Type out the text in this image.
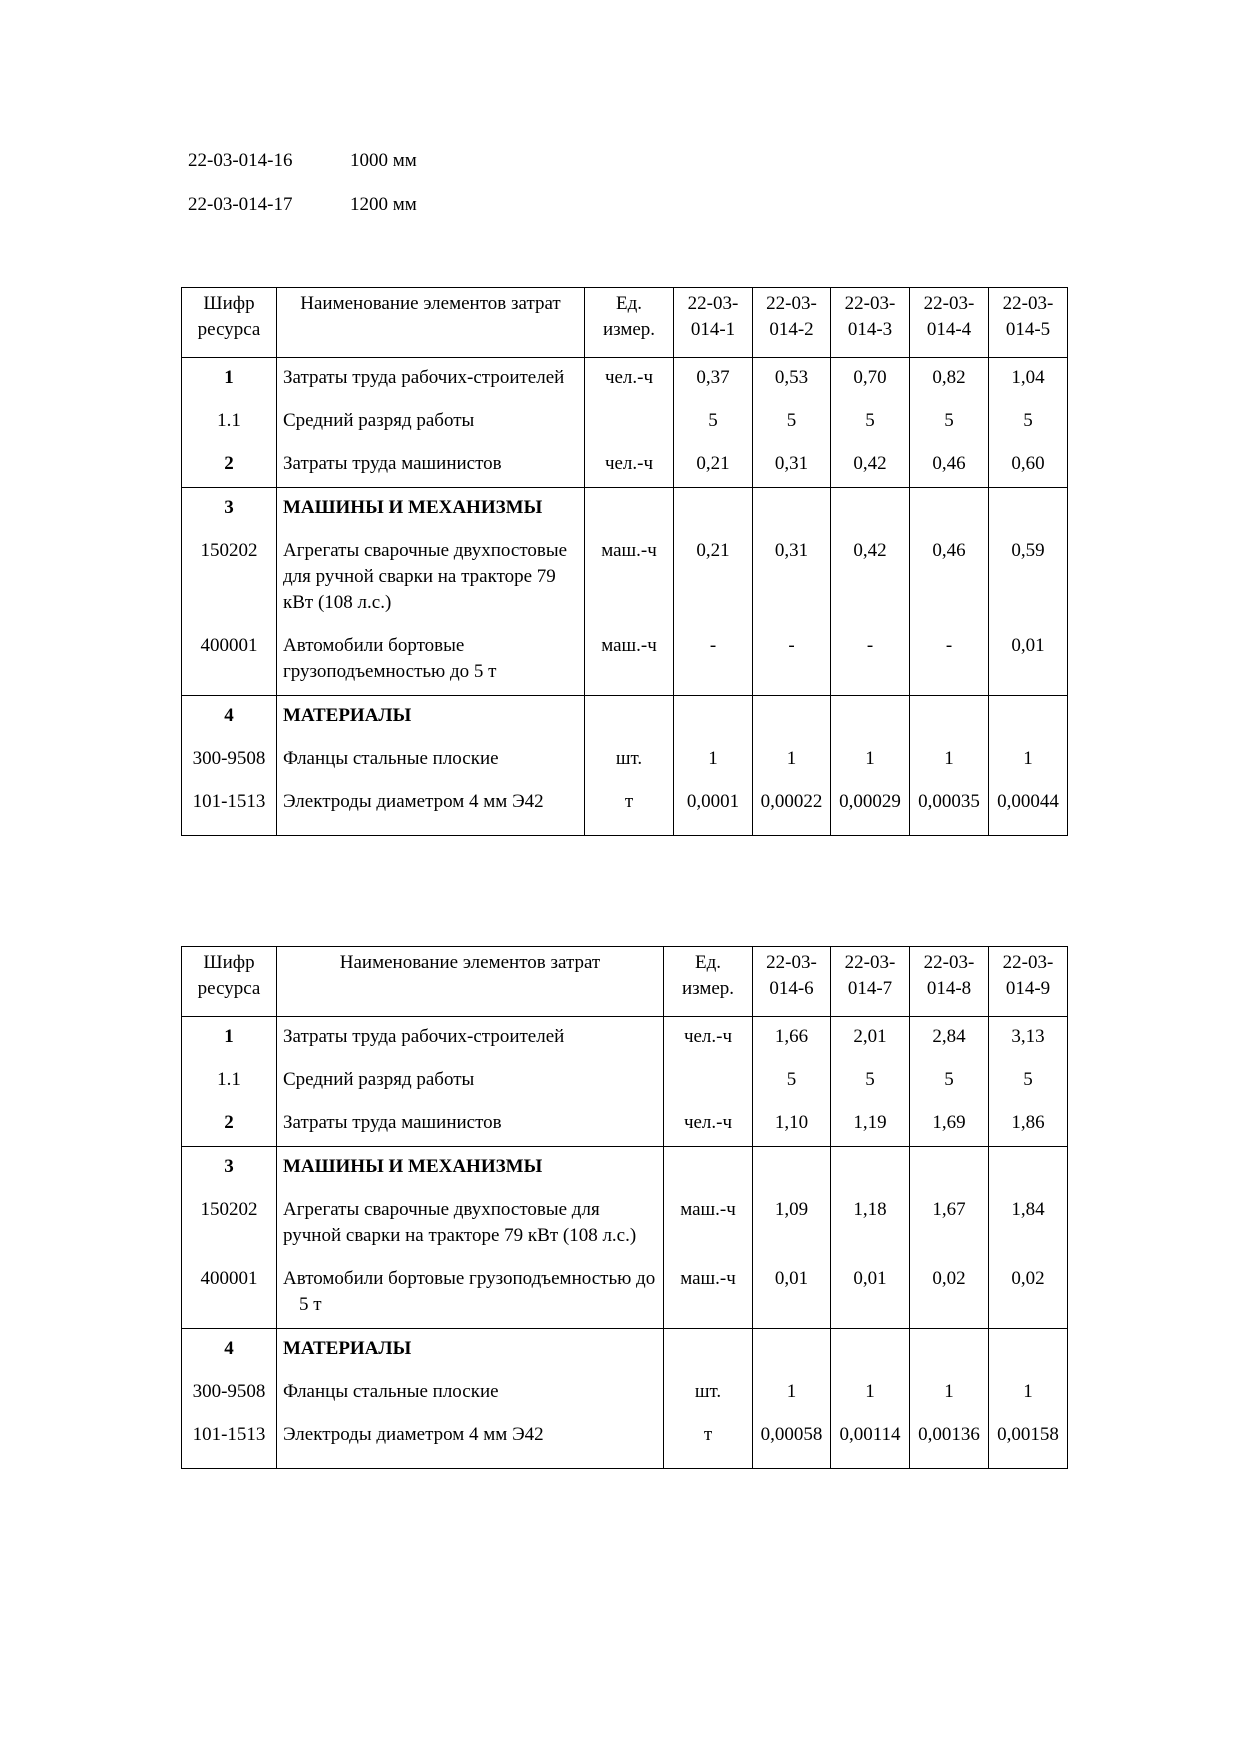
22-03-014-16	1000 мм
22-03-014-17	1200 мм
Шифр ресурса	Наименование элементов затрат	Ед. измер.	22-03-014-1	22-03-014-2	22-03-014-3	22-03-014-4	22-03-014-5
1	Затраты труда рабочих-строителей	чел.-ч	0,37	0,53	0,70	0,82	1,04
1.1	Средний разряд работы		5	5	5	5	5
2	Затраты труда машинистов	чел.-ч	0,21	0,31	0,42	0,46	0,60
3	МАШИНЫ И МЕХАНИЗМЫ						
150202	Агрегаты сварочные двухпостовые для ручной сварки на тракторе 79 кВт (108 л.с.)	маш.-ч	0,21	0,31	0,42	0,46	0,59
400001	Автомобили бортовые грузоподъемностью до 5 т	маш.-ч	-	-	-	-	0,01
4	МАТЕРИАЛЫ						
300-9508	Фланцы стальные плоские	шт.	1	1	1	1	1
101-1513	Электроды диаметром 4 мм Э42	т	0,0001	0,00022	0,00029	0,00035	0,00044
Шифр ресурса	Наименование элементов затрат	Ед. измер.	22-03-014-6	22-03-014-7	22-03-014-8	22-03-014-9
1	Затраты труда рабочих-строителей	чел.-ч	1,66	2,01	2,84	3,13
1.1	Средний разряд работы		5	5	5	5
2	Затраты труда машинистов	чел.-ч	1,10	1,19	1,69	1,86
3	МАШИНЫ И МЕХАНИЗМЫ					
150202	Агрегаты сварочные двухпостовые для ручной сварки на тракторе 79 кВт (108 л.с.)	маш.-ч	1,09	1,18	1,67	1,84
400001	Автомобили бортовые грузоподъемностью до 5 т	маш.-ч	0,01	0,01	0,02	0,02
4	МАТЕРИАЛЫ					
300-9508	Фланцы стальные плоские	шт.	1	1	1	1
101-1513	Электроды диаметром 4 мм Э42	т	0,00058	0,00114	0,00136	0,00158
